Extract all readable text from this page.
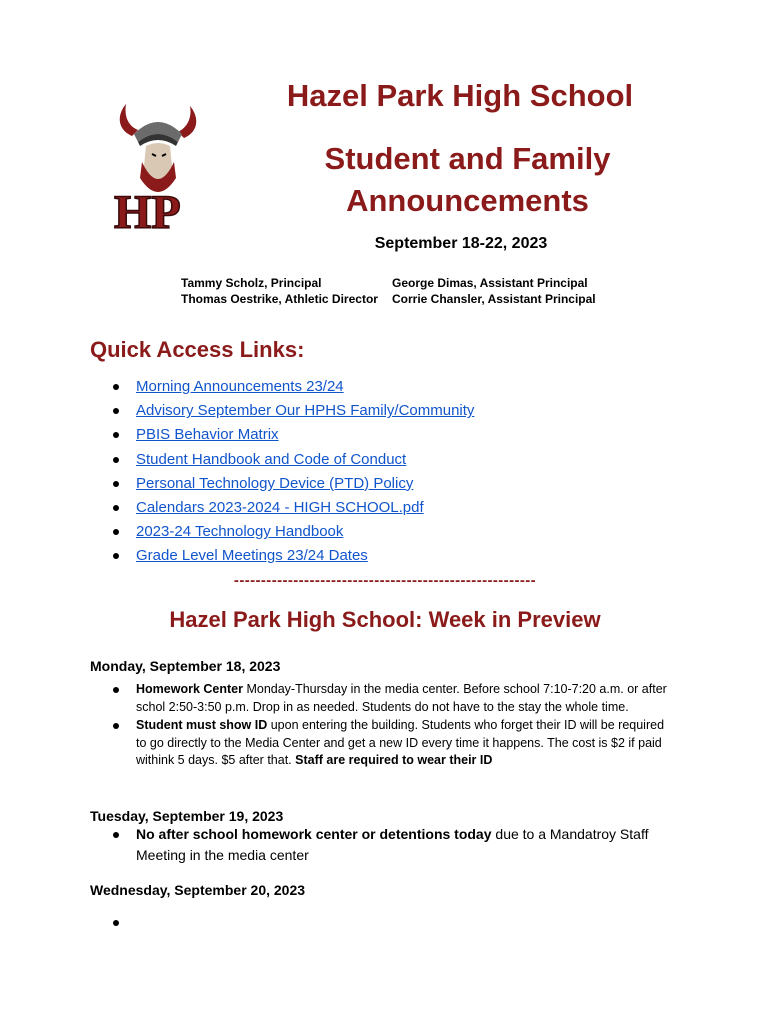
HP
Hazel Park High School
Student and Family
Announcements
September 18-22, 2023
Tammy Scholz, Principal
Thomas Oestrike, Athletic Director
George Dimas, Assistant Principal
Corrie Chansler, Assistant Principal
Quick Access Links:
Morning Announcements 23/24
Advisory September Our HPHS Family/Community
PBIS Behavior Matrix
Student Handbook and Code of Conduct
Personal Technology Device (PTD) Policy
Calendars 2023-2024 - HIGH SCHOOL.pdf
2023-24 Technology Handbook
Grade Level Meetings 23/24 Dates
--------------------------------------------------------
Hazel Park High School: Week in Preview
Monday, September 18, 2023
Homework Center Monday-Thursday in the media center. Before school 7:10-7:20 a.m. or after schol 2:50-3:50 p.m. Drop in as needed. Students do not have to the stay the whole time.
Student must show ID upon entering the building. Students who forget their ID will be required to go directly to the Media Center and get a new ID every time it happens. The cost is $2 if paid withink 5 days. $5 after that. Staff are required to wear their ID
Tuesday, September 19, 2023
No after school homework center or detentions today due to a Mandatroy Staff Meeting in the media center
Wednesday, September 20, 2023
